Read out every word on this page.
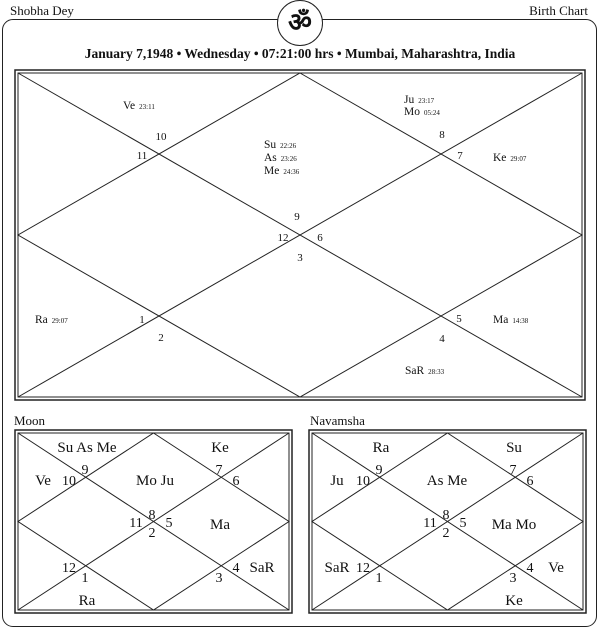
Shobha Dey	Birth Chart
ॐ
January 7,1948 • Wednesday • 07:21:00 hrs • Mumbai, Maharashtra, India
9
10
11
12
1
2
3
4
5
6
7
8
Su 22:26
As 23:26
Me 24:36
Ve 23:11
Ra 29:07
SaR 28:33
Ma 14:38
Ke 29:07
Ju 23:17
Mo 05:24
Moon
8
9
10
11
12
1
2
3
4
5
6
7
Su As Me
Ve	Mo Ju
Ke
Ma
SaR
Ra
Navamsha
8
9
10
11
12
1
2
3
4
5
6
7
Ra
Ju	As Me
Su
Ma Mo
Ve
SaR
Ke
